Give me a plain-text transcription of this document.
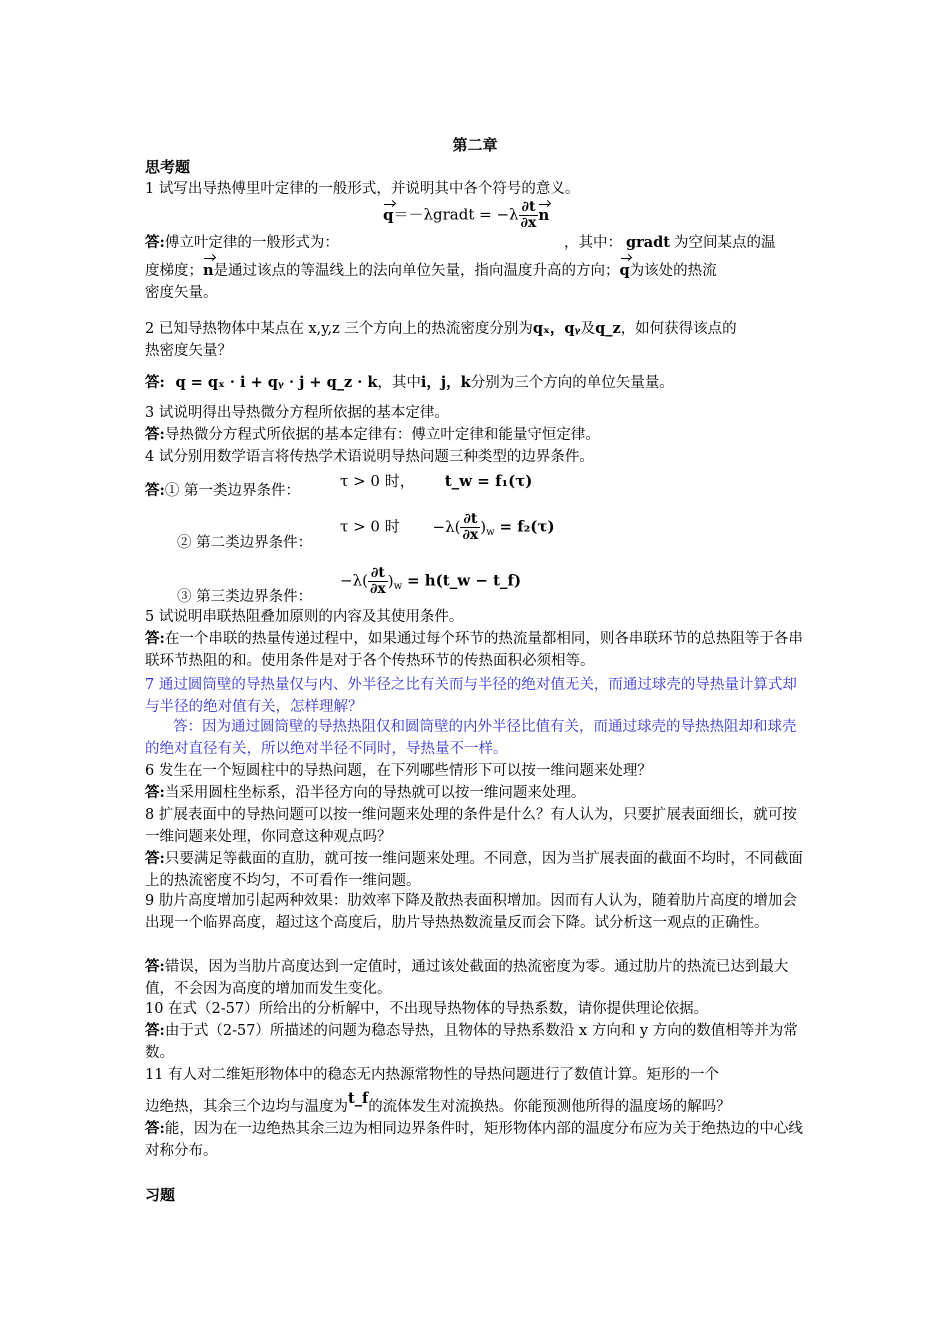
第二章
思考题
1 试写出导热傅里叶定律的一般形式，并说明其中各个符号的意义。
q＝－λgradt = $-\lambda \frac{\partial t}{\partial x}$ n
答:傅立叶定律的一般形式为：	，其中： gradt 为空间某点的温
度梯度；n是通过该点的等温线上的法向单位矢量，指向温度升高的方向；q为该处的热流
密度矢量。
2 已知导热物体中某点在 x,y,z 三个方向上的热流密度分别为qₓ，qᵧ及q_z，如何获得该点的
热密度矢量？
答: q = qₓ · i + qᵧ · j + q_z · k，其中i，j，k分别为三个方向的单位矢量量。
3 试说明得出导热微分方程所依据的基本定律。
答:导热微分方程式所依据的基本定律有：傅立叶定律和能量守恒定律。
4 试分别用数学语言将传热学术语说明导热问题三种类型的边界条件。
答:① 第一类边界条件：
τ > 0 时， t_w = f₁(τ)
τ > 0 时 $-\lambda( \frac{\partial t}{\partial x} )_w = f_2(\tau)$
② 第二类边界条件：
$-\lambda( \frac{\partial t}{\partial x} )_w$ = h(t_w − t_f)
③ 第三类边界条件：
5 试说明串联热阻叠加原则的内容及其使用条件。
答:在一个串联的热量传递过程中，如果通过每个环节的热流量都相同，则各串联环节的总热阻等于各串联环节热阻的和。使用条件是对于各个传热环节的传热面积必须相等。
7 通过圆筒壁的导热量仅与内、外半径之比有关而与半径的绝对值无关，而通过球壳的导热量计算式却与半径的绝对值有关，怎样理解？
答：因为通过圆筒壁的导热热阻仅和圆筒壁的内外半径比值有关，而通过球壳的导热热阻却和球壳的绝对直径有关，所以绝对半径不同时，导热量不一样。
6 发生在一个短圆柱中的导热问题，在下列哪些情形下可以按一维问题来处理？
答:当采用圆柱坐标系，沿半径方向的导热就可以按一维问题来处理。
8 扩展表面中的导热问题可以按一维问题来处理的条件是什么？有人认为，只要扩展表面细长，就可按一维问题来处理，你同意这种观点吗？
答:只要满足等截面的直肋，就可按一维问题来处理。不同意，因为当扩展表面的截面不均时，不同截面上的热流密度不均匀，不可看作一维问题。
9 肋片高度增加引起两种效果：肋效率下降及散热表面积增加。因而有人认为，随着肋片高度的增加会出现一个临界高度，超过这个高度后，肋片导热热数流量反而会下降。试分析这一观点的正确性。
答:错误，因为当肋片高度达到一定值时，通过该处截面的热流密度为零。通过肋片的热流已达到最大值，不会因为高度的增加而发生变化。
10 在式（2-57）所给出的分析解中，不出现导热物体的导热系数，请你提供理论依据。
答:由于式（2-57）所描述的问题为稳态导热，且物体的导热系数沿 x 方向和 y 方向的数值相等并为常数。
11 有人对二维矩形物体中的稳态无内热源常物性的导热问题进行了数值计算。矩形的一个
边绝热，其余三个边均与温度为t_f的流体发生对流换热。你能预测他所得的温度场的解吗？
答:能，因为在一边绝热其余三边为相同边界条件时，矩形物体内部的温度分布应为关于绝热边的中心线对称分布。
习题
